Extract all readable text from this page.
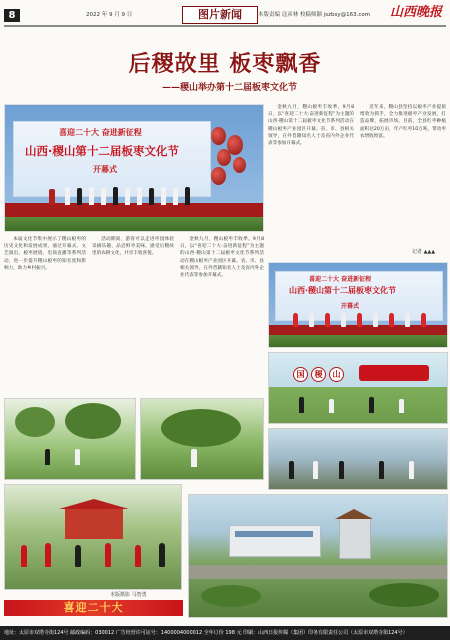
8	2022 年 9 月 9 日	图片新闻	本版责编 寇彦林 校稿师颖 jszbsy@163.com 山西晚报
后稷故里 板枣飘香
——稷山举办第十二届板枣文化节
喜迎二十大 奋进新征程
山西·稷山第十二届板枣文化节
开幕式

金秋九月，稷山板枣丰收季。9月8日，以“喜迎二十大·奋进新征程”为主题的山西·稷山第十二届板枣文化节系列活动在稷山板枣产业园区开幕。省、市、县相关领导，在外晋籍知名人士及省内外企业代表等参加开幕式。

近年来，稷山县坚持以板枣产业提质增效为抓手，全力推进板枣产业发展，打造品牌，拓展市场。目前，全县红枣种植面积达20万亩，年产红枣10万吨，带动枣农增收致富。

本届文化节集中展示了稷山板枣的历史文化和发展成果，通过开幕式、文艺演出、板枣展销、电商直播等系列活动，进一步提升稷山板枣的知名度和影响力，助力乡村振兴。

活动期间，游客可以走进枣园体验采摘乐趣，品尝鲜枣美味，感受后稷故里的农耕文化，共享丰收喜悦。

金秋九月，稷山板枣丰收季。9月8日，以“喜迎二十大·奋进新征程”为主题的山西·稷山第十二届板枣文化节系列活动在稷山板枣产业园区开幕。省、市、县相关领导，在外晋籍知名人士及省内外企业代表等参加开幕式。

记者 ▲▲▲
喜迎二十大 奋进新征程
山西·稷山第十二届板枣文化节
开幕式
国	稷	山
本版摄影 马智勇
喜迎二十大
地址：太原市双塔寺街124号 邮政编码：030012 广告经营许可证号：1400004000012 全年订价 198 元 印刷：山西日报传媒（集团）印务有限责任公司（太原市双塔寺街124号）
